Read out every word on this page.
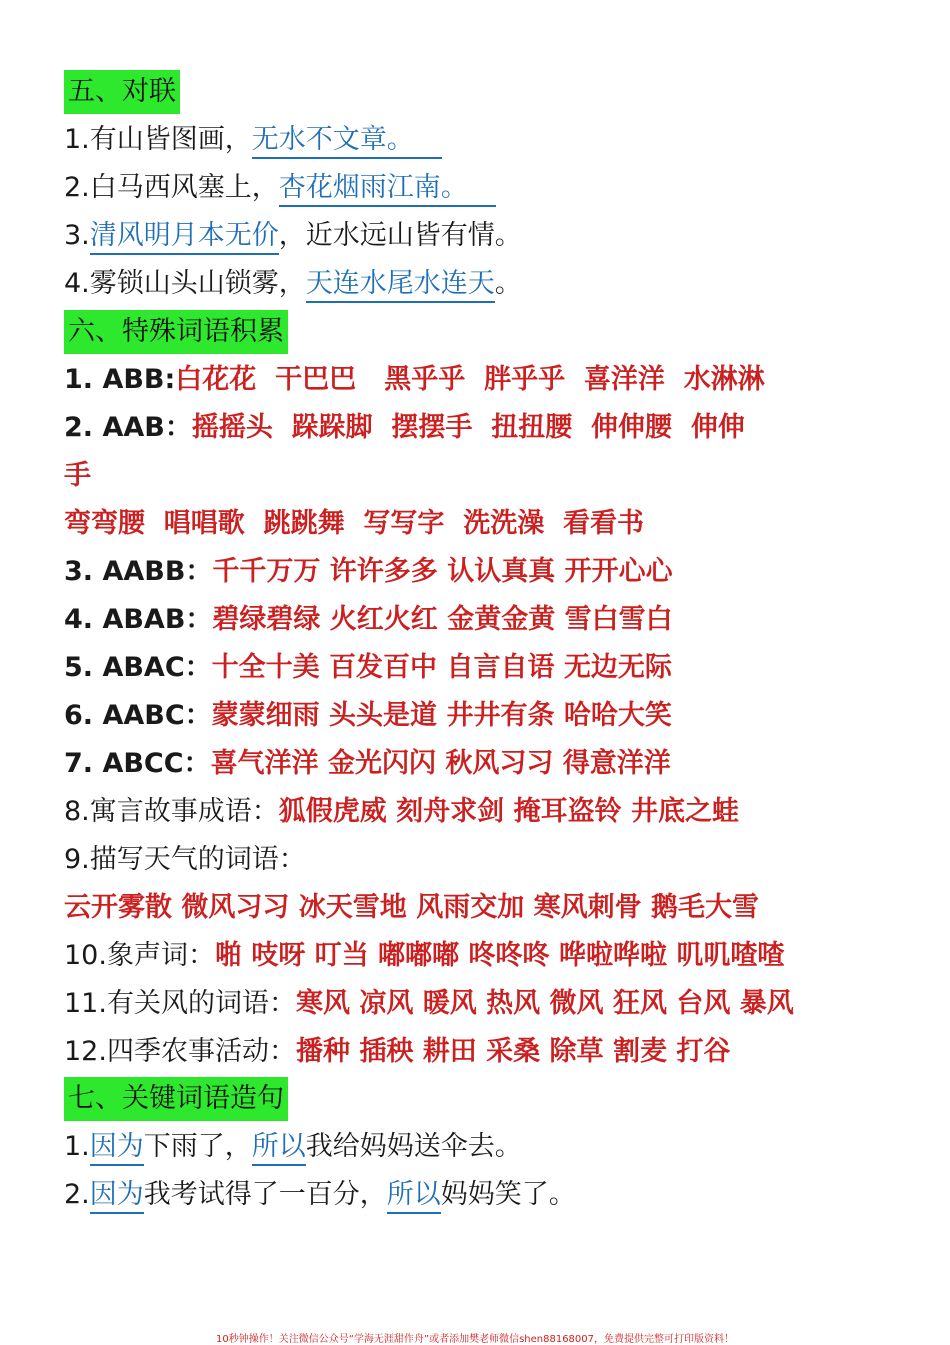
五、对联
1.有山皆图画，无水不文章。
2.白马西风塞上，杏花烟雨江南。
3.清风明月本无价，近水远山皆有情。
4.雾锁山头山锁雾，天连水尾水连天。
六、特殊词语积累
1. ABB:白花花  干巴巴   黑乎乎  胖乎乎  喜洋洋  水淋淋
2. AAB：摇摇头  跺跺脚  摆摆手  扭扭腰  伸伸腰  伸伸
手
弯弯腰  唱唱歌  跳跳舞  写写字  洗洗澡  看看书
3. AABB：千千万万 许许多多 认认真真 开开心心
4. ABAB：碧绿碧绿 火红火红 金黄金黄 雪白雪白
5. ABAC：十全十美 百发百中 自言自语 无边无际
6. AABC：蒙蒙细雨 头头是道 井井有条 哈哈大笑
7. ABCC：喜气洋洋 金光闪闪 秋风习习 得意洋洋
8.寓言故事成语：狐假虎威 刻舟求剑 掩耳盗铃 井底之蛙
9.描写天气的词语：
云开雾散 微风习习 冰天雪地 风雨交加 寒风刺骨 鹅毛大雪
10.象声词：啪 吱呀 叮当 嘟嘟嘟 咚咚咚 哗啦哗啦 叽叽喳喳
11.有关风的词语：寒风 凉风 暖风 热风 微风 狂风 台风 暴风
12.四季农事活动：播种 插秧 耕田 采桑 除草 割麦 打谷
七、关键词语造句
1.因为下雨了，所以我给妈妈送伞去。
2.因为我考试得了一百分，所以妈妈笑了。
10秒钟操作！关注微信公众号“学海无涯甜作舟”或者添加樊老师微信shen88168007，免费提供完整可打印版资料！
